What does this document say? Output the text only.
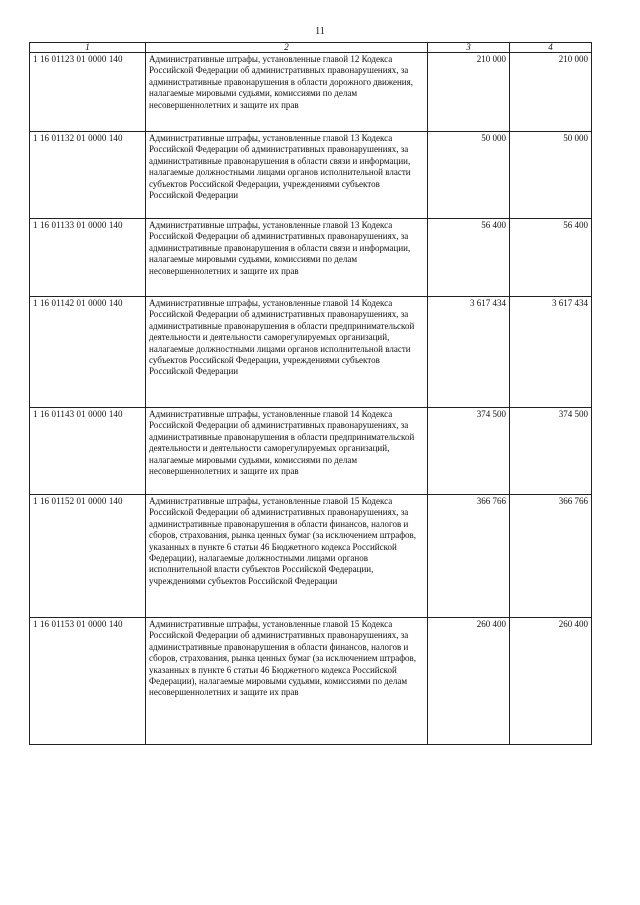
11
1	2	3	4
1 16 01123 01 0000 140	Административные штрафы, установленные главой 12 Кодекса Российской Федерации об административных правонарушениях, за административные правонарушения в области дорожного движения, налагаемые мировыми судьями, комиссиями по делам несовершеннолетних и защите их прав	210 000	210 000
1 16 01132 01 0000 140	Административные штрафы, установленные главой 13 Кодекса Российской Федерации об административных правонарушениях, за административные правонарушения в области связи и информации, налагаемые должностными лицами органов исполнительной власти субъектов Российской Федерации, учреждениями субъектов Российской Федерации	50 000	50 000
1 16 01133 01 0000 140	Административные штрафы, установленные главой 13 Кодекса Российской Федерации об административных правонарушениях, за административные правонарушения в области связи и информации, налагаемые мировыми судьями, комиссиями по делам несовершеннолетних и защите их прав	56 400	56 400
1 16 01142 01 0000 140	Административные штрафы, установленные главой 14 Кодекса Российской Федерации об административных правонарушениях, за административные правонарушения в области предпринимательской деятельности и деятельности саморегулируемых организаций, налагаемые должностными лицами органов исполнительной власти субъектов Российской Федерации, учреждениями субъектов Российской Федерации	3 617 434	3 617 434
1 16 01143 01 0000 140	Административные штрафы, установленные главой 14 Кодекса Российской Федерации об административных правонарушениях, за административные правонарушения в области предпринимательской деятельности и деятельности саморегулируемых организаций, налагаемые мировыми судьями, комиссиями по делам несовершеннолетних и защите их прав	374 500	374 500
1 16 01152 01 0000 140	Административные штрафы, установленные главой 15 Кодекса Российской Федерации об административных правонарушениях, за административные правонарушения в области финансов, налогов и сборов, страхования, рынка ценных бумаг (за исключением штрафов, указанных в пункте 6 статьи 46 Бюджетного кодекса Российской Федерации), налагаемые должностными лицами органов исполнительной власти субъектов Российской Федерации, учреждениями субъектов Российской Федерации	366 766	366 766
1 16 01153 01 0000 140	Административные штрафы, установленные главой 15 Кодекса Российской Федерации об административных правонарушениях, за административные правонарушения в области финансов, налогов и сборов, страхования, рынка ценных бумаг (за исключением штрафов, указанных в пункте 6 статьи 46 Бюджетного кодекса Российской Федерации), налагаемые мировыми судьями, комиссиями по делам несовершеннолетних и защите их прав	260 400	260 400
